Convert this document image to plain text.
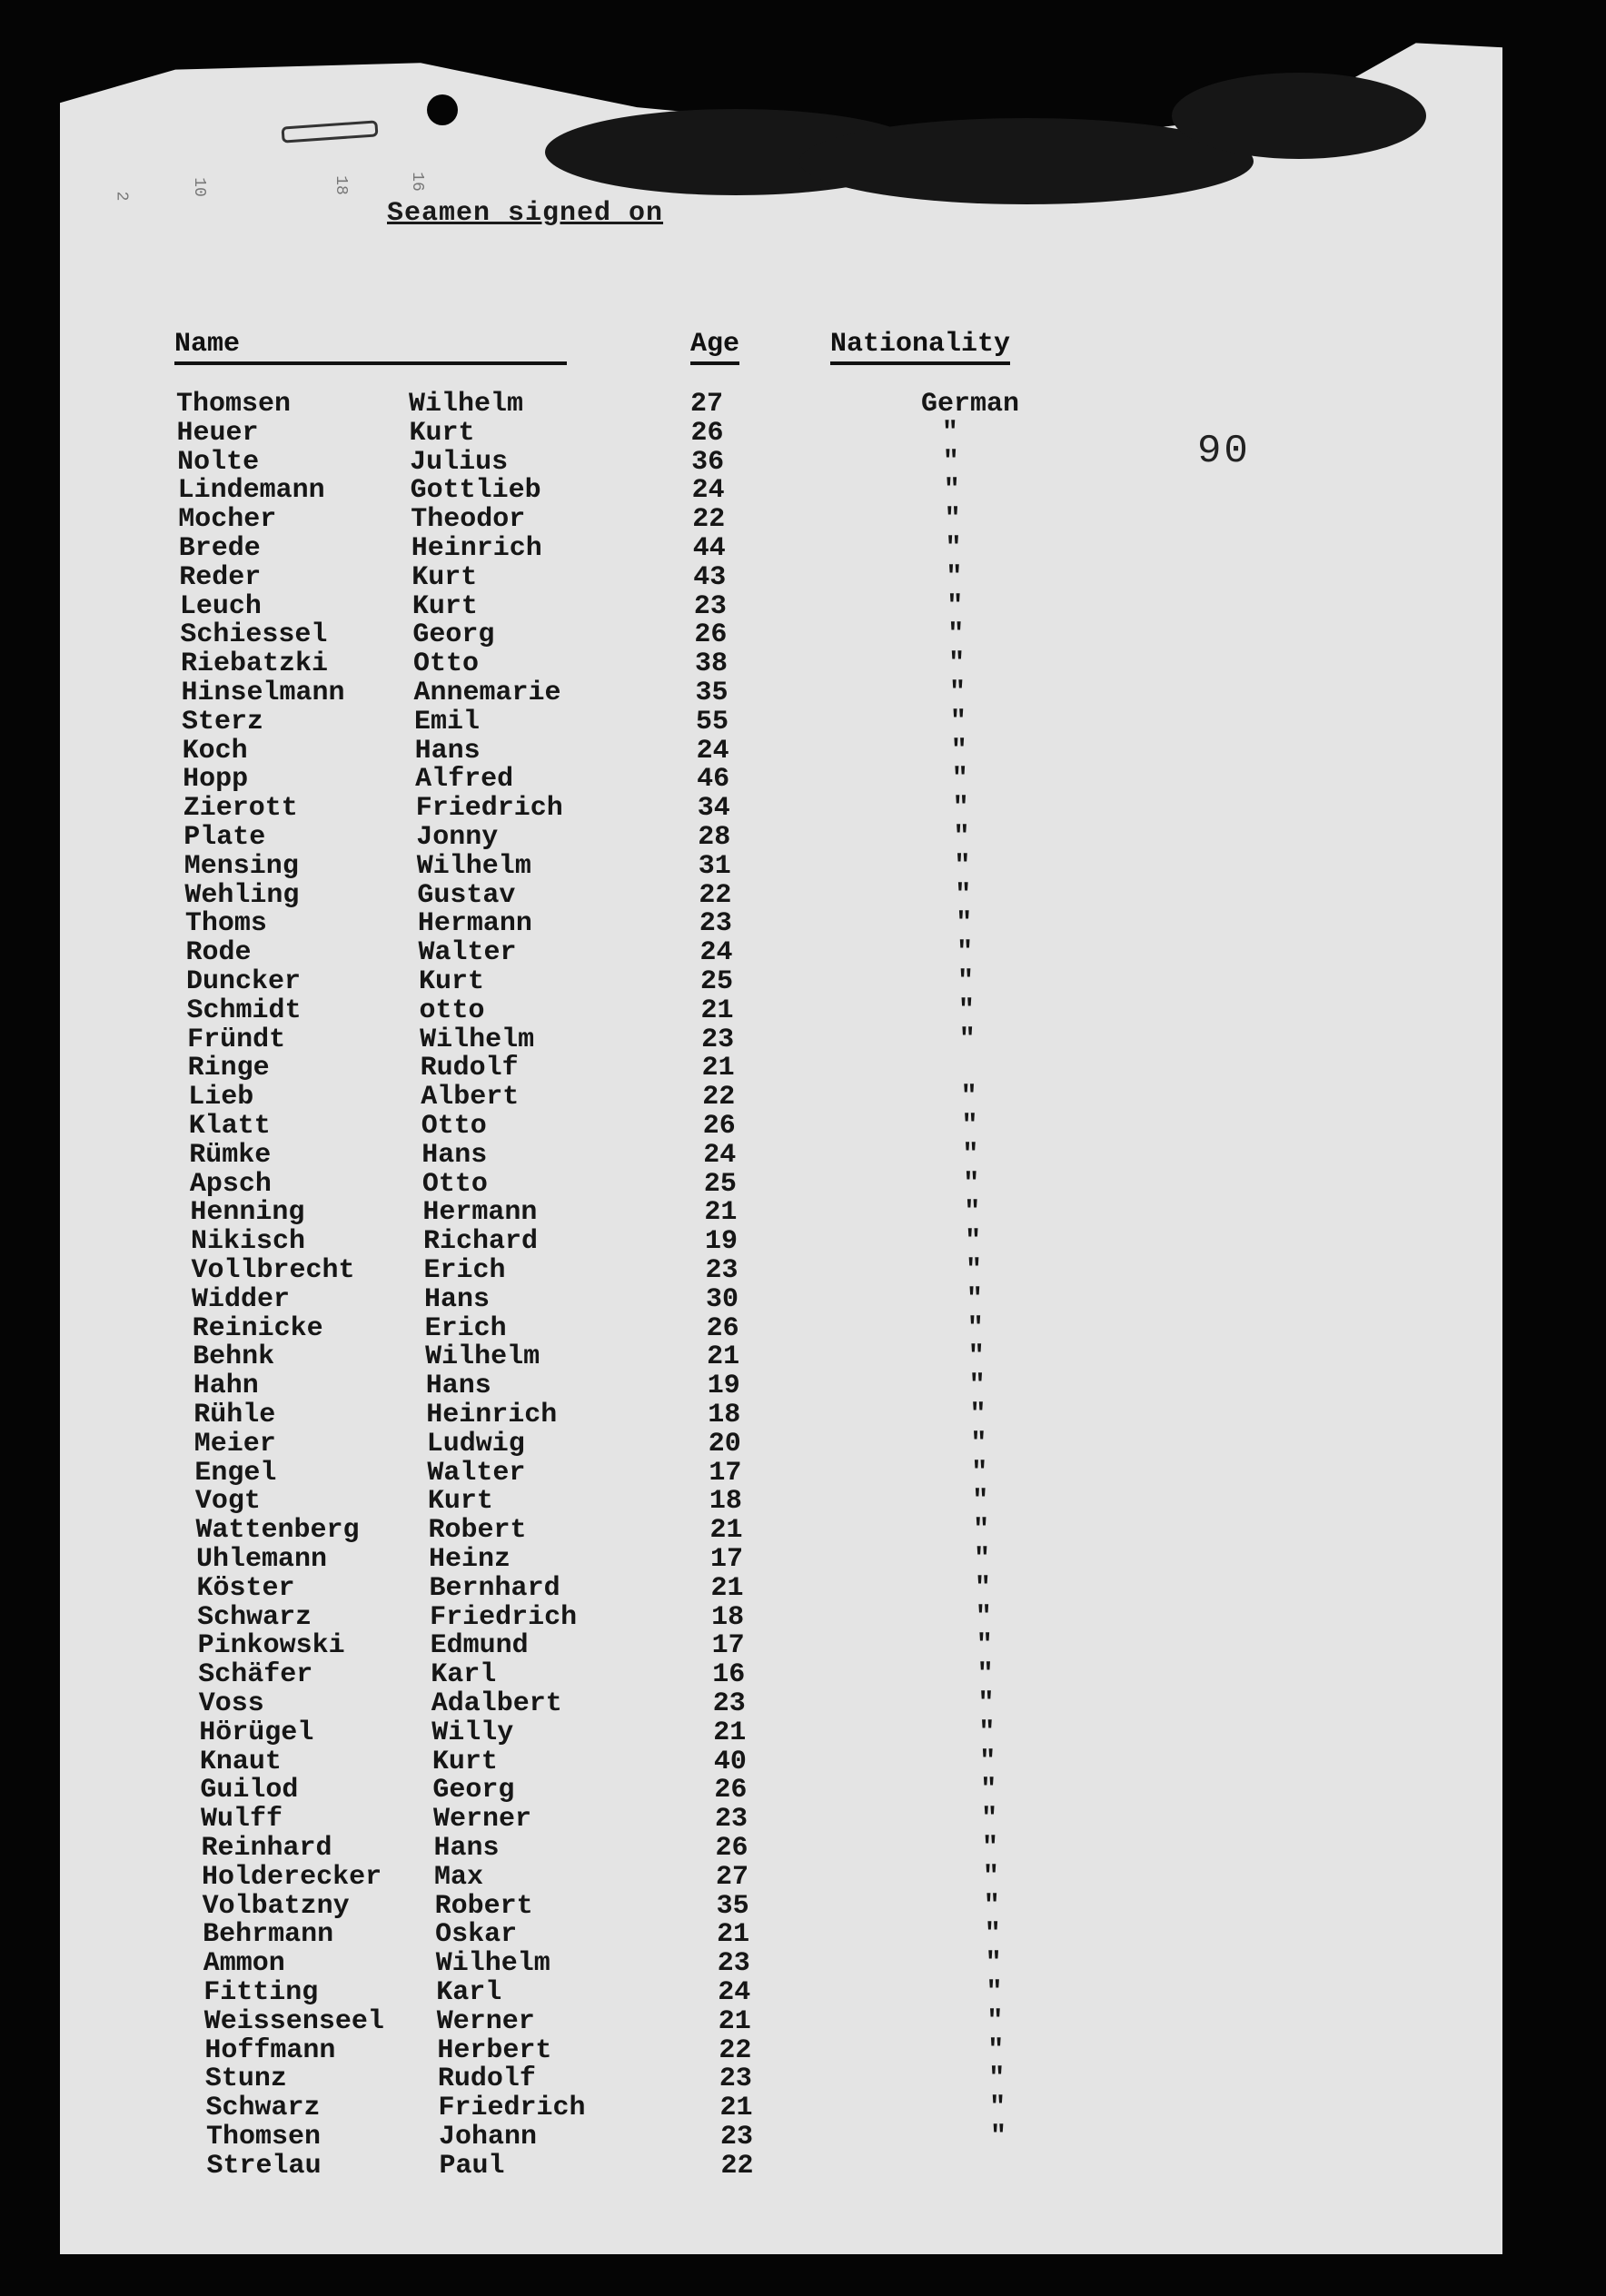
2	10	18	16
Seamen signed on
Name	Age	Nationality
90
Thomsen	Wilhelm	27	German
Heuer	Kurt	26	"
Nolte	Julius	36	"
Lindemann	Gottlieb	24	"
Mocher	Theodor	22	"
Brede	Heinrich	44	"
Reder	Kurt	43	"
Leuch	Kurt	23	"
Schiessel	Georg	26	"
Riebatzki	Otto	38	"
Hinselmann	Annemarie	35	"
Sterz	Emil	55	"
Koch	Hans	24	"
Hopp	Alfred	46	"
Zierott	Friedrich	34	"
Plate	Jonny	28	"
Mensing	Wilhelm	31	"
Wehling	Gustav	22	"
Thoms	Hermann	23	"
Rode	Walter	24	"
Duncker	Kurt	25	"
Schmidt	otto	21	"
Fründt	Wilhelm	23	"
Ringe	Rudolf	21
Lieb	Albert	22	"
Klatt	Otto	26	"
Rümke	Hans	24	"
Apsch	Otto	25	"
Henning	Hermann	21	"
Nikisch	Richard	19	"
Vollbrecht	Erich	23	"
Widder	Hans	30	"
Reinicke	Erich	26	"
Behnk	Wilhelm	21	"
Hahn	Hans	19	"
Rühle	Heinrich	18	"
Meier	Ludwig	20	"
Engel	Walter	17	"
Vogt	Kurt	18	"
Wattenberg	Robert	21	"
Uhlemann	Heinz	17	"
Köster	Bernhard	21	"
Schwarz	Friedrich	18	"
Pinkowski	Edmund	17	"
Schäfer	Karl	16	"
Voss	Adalbert	23	"
Hörügel	Willy	21	"
Knaut	Kurt	40	"
Guilod	Georg	26	"
Wulff	Werner	23	"
Reinhard	Hans	26	"
Holderecker Max	27	"
Volbatzny	Robert	35	"
Behrmann	Oskar	21	"
Ammon	Wilhelm	23	"
Fitting	Karl	24	"
Weissenseel Werner	21	"
Hoffmann	Herbert	22	"
Stunz	Rudolf	23	"
Schwarz	Friedrich	21	"
Thomsen	Johann	23	"
Strelau	Paul	22
